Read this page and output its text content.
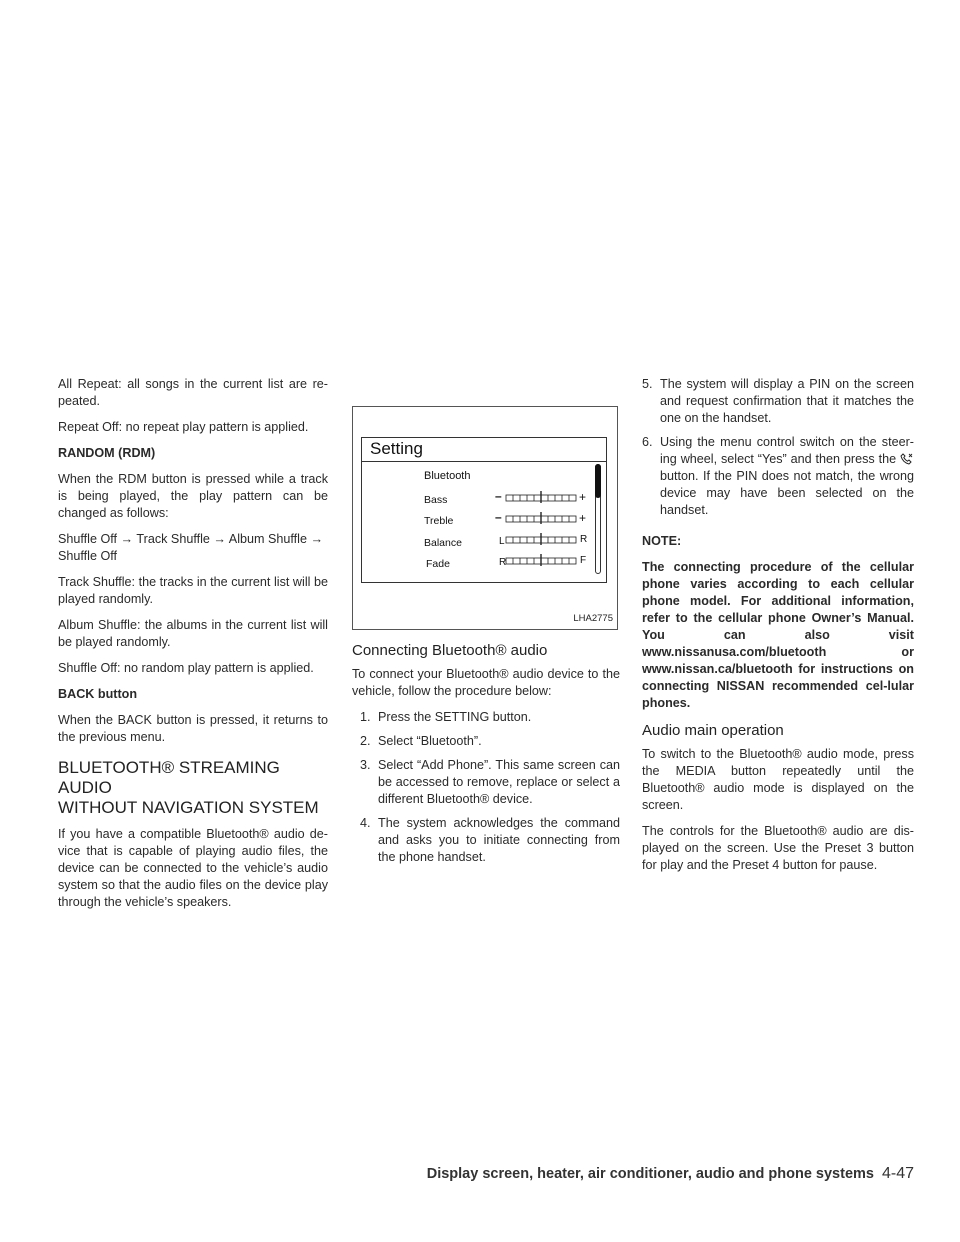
All Repeat: all songs in the current list are re-peated.

Repeat Off: no repeat play pattern is applied.

RANDOM (RDM)

When the RDM button is pressed while a track is being played, the play pattern can be changed as follows:

Shuffle Off → Track Shuffle → Album Shuffle → Shuffle Off

Track Shuffle: the tracks in the current list will be played randomly.

Album Shuffle: the albums in the current list will be played randomly.

Shuffle Off: no random play pattern is applied.

BACK button

When the BACK button is pressed, it returns to the previous menu.

BLUETOOTH® STREAMING AUDIO
WITHOUT NAVIGATION SYSTEM

If you have a compatible Bluetooth® audio de-vice that is capable of playing audio files, the device can be connected to the vehicle’s audio system so that the audio files on the device play through the vehicle’s speakers.

Setting
Bluetooth
Bass	–	+
Treble	–	+
Balance	L	R
Fade	R	F
LHA2775
Connecting Bluetooth® audio

To connect your Bluetooth® audio device to the vehicle, follow the procedure below:

1. Press the SETTING button.
2. Select “Bluetooth”.
3. Select “Add Phone”. This same screen can be accessed to remove, replace or select a different Bluetooth® device.
4. The system acknowledges the command and asks you to initiate connecting from the phone handset.
5. The system will display a PIN on the screen and request confirmation that it matches the one on the handset.
6. Using the menu control switch on the steer-ing wheel, select “Yes” and then press the  button. If the PIN does not match, the wrong device may have been selected on the handset.

NOTE:

The connecting procedure of the cellular phone varies according to each cellular phone model. For additional information, refer to the cellular phone Owner’s Manual. You can also visit www.nissanusa.com/bluetooth or www.nissan.ca/bluetooth for instructions on connecting NISSAN recommended cel-lular phones.

Audio main operation

To switch to the Bluetooth® audio mode, press the MEDIA button repeatedly until the Bluetooth® audio mode is displayed on the screen.

The controls for the Bluetooth® audio are dis-played on the screen. Use the Preset 3 button for play and the Preset 4 button for pause.

Display screen, heater, air conditioner, audio and phone systems 4-47
